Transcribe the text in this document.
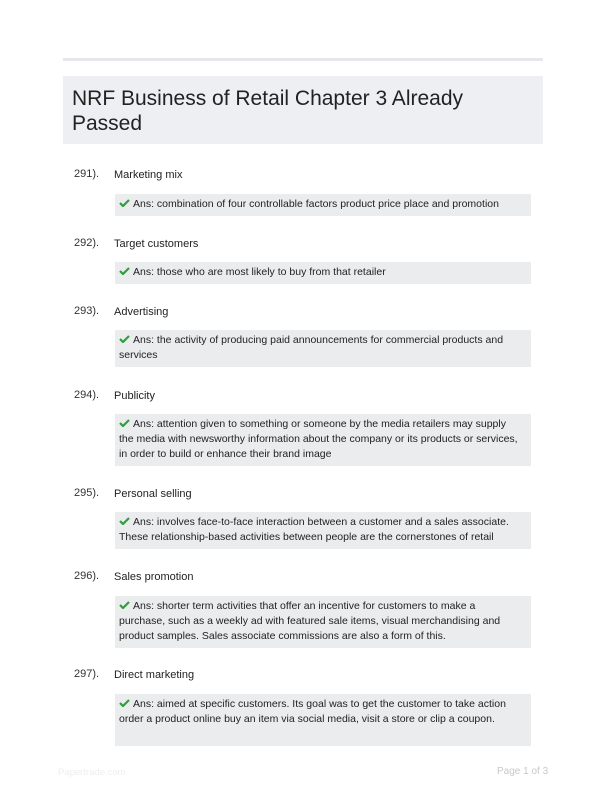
NRF Business of Retail Chapter 3 Already Passed
291). Marketing mix
Ans: combination of four controllable factors product price place and promotion
292). Target customers
Ans: those who are most likely to buy from that retailer
293). Advertising
Ans: the activity of producing paid announcements for commercial products and services
294). Publicity
Ans: attention given to something or someone by the media retailers may supply the media with newsworthy information about the company or its products or services, in order to build or enhance their brand image
295). Personal selling
Ans: involves face-to-face interaction between a customer and a sales associate. These relationship-based activities between people are the cornerstones of retail
296). Sales promotion
Ans: shorter term activities that offer an incentive for customers to make a purchase, such as a weekly ad with featured sale items, visual merchandising and product samples. Sales associate commissions are also a form of this.
297). Direct marketing
Ans: aimed at specific customers. Its goal was to get the customer to take action order a product online buy an item via social media, visit a store or clip a coupon.
Papertrade.com	Page 1 of 3
